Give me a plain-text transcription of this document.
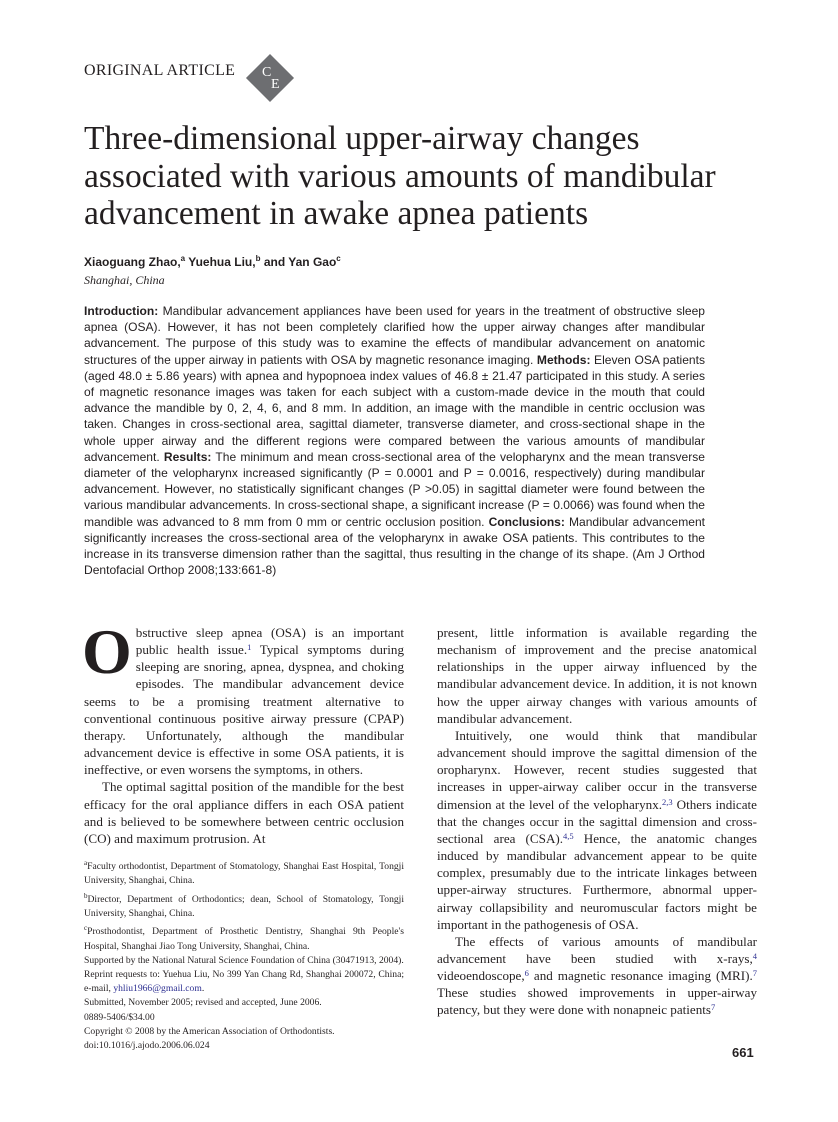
ORIGINAL ARTICLE C
E
Three-dimensional upper-airway changes associated with various amounts of mandibular advancement in awake apnea patients
Xiaoguang Zhao,$^a$ Yuehua Liu,$^b$ and Yan Gao$^c$
Shanghai, China
Introduction: Mandibular advancement appliances have been used for years in the treatment of obstructive sleep apnea (OSA). However, it has not been completely clarified how the upper airway changes after mandibular advancement. The purpose of this study was to examine the effects of mandibular advancement on anatomic structures of the upper airway in patients with OSA by magnetic resonance imaging. Methods: Eleven OSA patients (aged 48.0 ± 5.86 years) with apnea and hypopnoea index values of 46.8 ± 21.47 participated in this study. A series of magnetic resonance images was taken for each subject with a custom-made device in the mouth that could advance the mandible by 0, 2, 4, 6, and 8 mm. In addition, an image with the mandible in centric occlusion was taken. Changes in cross-sectional area, sagittal diameter, transverse diameter, and cross-sectional shape in the whole upper airway and the different regions were compared between the various amounts of mandibular advancement. Results: The minimum and mean cross-sectional area of the velopharynx and the mean transverse diameter of the velopharynx increased significantly (P = 0.0001 and P = 0.0016, respectively) during mandibular advancement. However, no statistically significant changes (P >0.05) in sagittal diameter were found between the various mandibular advancements. In cross-sectional shape, a significant increase (P = 0.0066) was found when the mandible was advanced to 8 mm from 0 mm or centric occlusion position. Conclusions: Mandibular advancement significantly increases the cross-sectional area of the velopharynx in awake OSA patients. This contributes to the increase in its transverse dimension rather than the sagittal, thus resulting in the change of its shape. (Am J Orthod Dentofacial Orthop 2008;133:661-8)

Obstructive sleep apnea (OSA) is an important public health issue.$^1$ Typical symptoms during sleeping are snoring, apnea, dyspnea, and choking episodes. The mandibular advancement device seems to be a promising treatment alternative to conventional continuous positive airway pressure (CPAP) therapy. Unfortunately, although the mandibular advancement device is effective in some OSA patients, it is ineffective, or even worsens the symptoms, in others.

The optimal sagittal position of the mandible for the best efficacy for the oral appliance differs in each OSA patient and is believed to be somewhere between centric occlusion (CO) and maximum protrusion. At

$^a$Faculty orthodontist, Department of Stomatology, Shanghai East Hospital, Tongji University, Shanghai, China.
$^b$Director, Department of Orthodontics; dean, School of Stomatology, Tongji University, Shanghai, China.
$^c$Prosthodontist, Department of Prosthetic Dentistry, Shanghai 9th People's Hospital, Shanghai Jiao Tong University, Shanghai, China.
Supported by the National Natural Science Foundation of China (30471913, 2004).
Reprint requests to: Yuehua Liu, No 399 Yan Chang Rd, Shanghai 200072, China; e-mail, yhliu1966@gmail.com.
Submitted, November 2005; revised and accepted, June 2006.
0889-5406/$34.00
Copyright © 2008 by the American Association of Orthodontists.
doi:10.1016/j.ajodo.2006.06.024

present, little information is available regarding the mechanism of improvement and the precise anatomical relationships in the upper airway influenced by the mandibular advancement device. In addition, it is not known how the upper airway changes with various amounts of mandibular advancement.

Intuitively, one would think that mandibular advancement should improve the sagittal dimension of the oropharynx. However, recent studies suggested that increases in upper-airway caliber occur in the transverse dimension at the level of the velopharynx.$^{2,3}$ Others indicate that the changes occur in the sagittal dimension and cross-sectional area (CSA).$^{4,5}$ Hence, the anatomic changes induced by mandibular advancement appear to be quite complex, presumably due to the intricate linkages between upper-airway structures. Furthermore, abnormal upper-airway collapsibility and neuromuscular factors might be important in the pathogenesis of OSA.

The effects of various amounts of mandibular advancement have been studied with x-rays,$^4$ videoendoscope,$^6$ and magnetic resonance imaging (MRI).$^7$ These studies showed improvements in upper-airway patency, but they were done with nonapneic patients$^7$

661
